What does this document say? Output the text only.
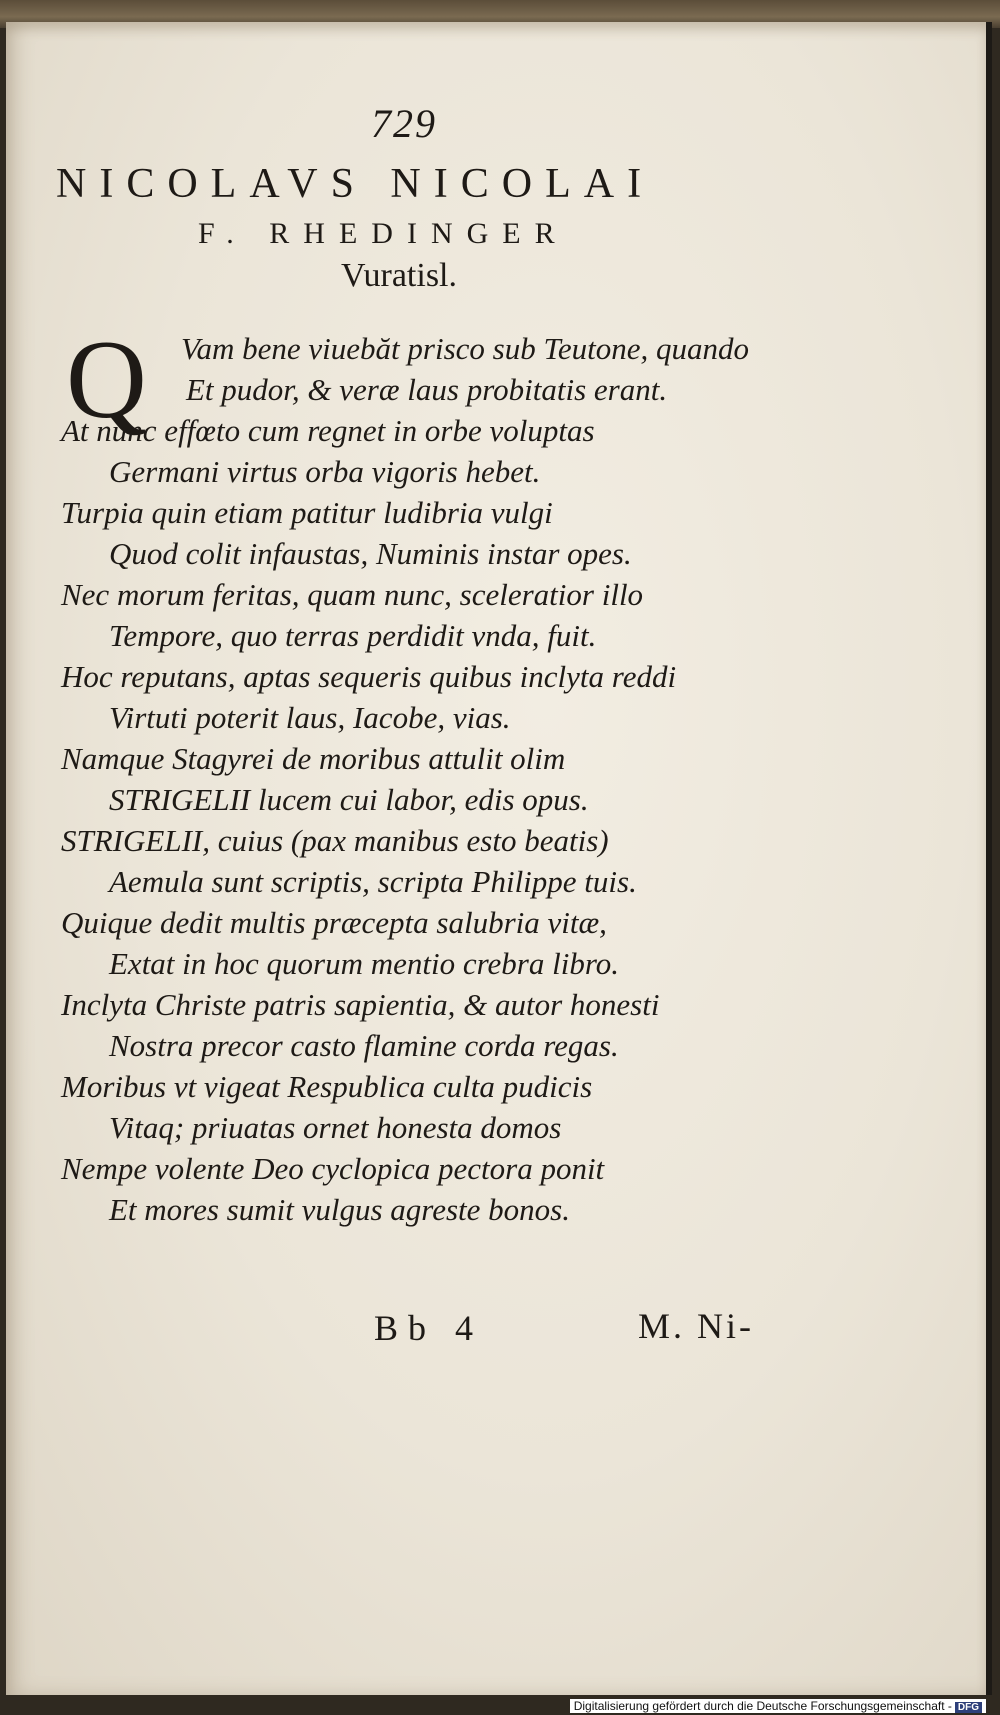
729
NICOLAVS NICOLAI
F. RHEDINGER
Vuratisl.
Q	Vam bene viuebăt prisco sub Teutone, quando
Et pudor, & veræ laus probitatis erant.
At nunc effœto cum regnet in orbe voluptas
Germani virtus orba vigoris hebet.
Turpia quin etiam patitur ludibria vulgi
Quod colit infaustas, Numinis instar opes.
Nec morum feritas, quam nunc, sceleratior illo
Tempore, quo terras perdidit vnda, fuit.
Hoc reputans, aptas sequeris quibus inclyta reddi
Virtuti poterit laus, Iacobe, vias.
Namque Stagyrei de moribus attulit olim
STRIGELII lucem cui labor, edis opus.
STRIGELII, cuius (pax manibus esto beatis)
Aemula sunt scriptis, scripta Philippe tuis.
Quique dedit multis præcepta salubria vitæ,
Extat in hoc quorum mentio crebra libro.
Inclyta Christe patris sapientia, & autor honesti
Nostra precor casto flamine corda regas.
Moribus vt vigeat Respublica culta pudicis
Vitaq; priuatas ornet honesta domos
Nempe volente Deo cyclopica pectora ponit
Et mores sumit vulgus agreste bonos.
Bb 4	M. Ni-
Digitalisierung gefördert durch die Deutsche Forschungsgemeinschaft - DFG
